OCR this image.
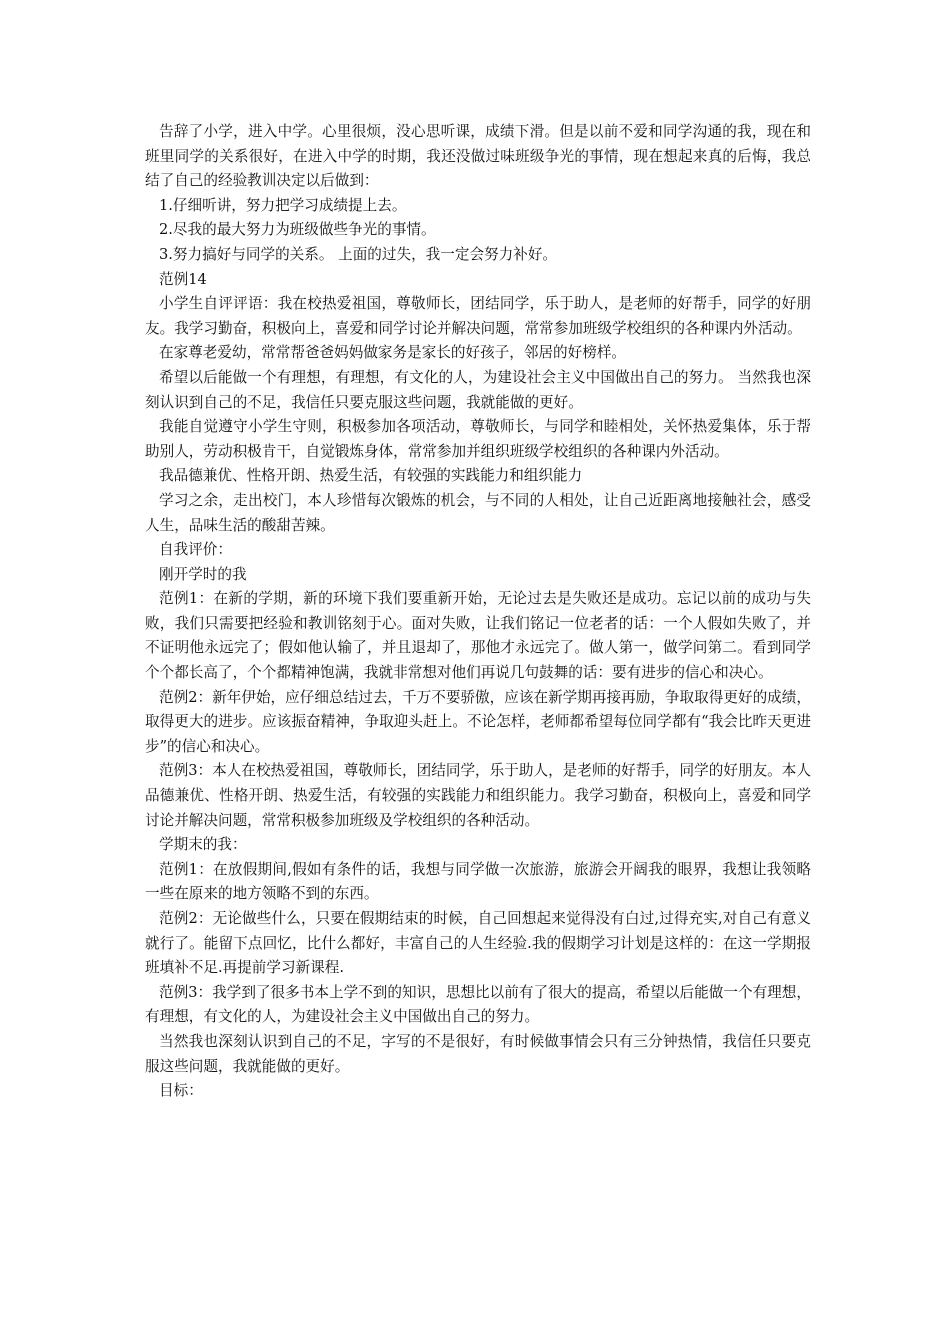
告辞了小学，进入中学。心里很烦，没心思听课，成绩下滑。但是以前不爱和同学沟通的我，现在和班里同学的关系很好，在进入中学的时期，我还没做过味班级争光的事情，现在想起来真的后悔，我总结了自己的经验教训决定以后做到：

1.仔细听讲，努力把学习成绩提上去。

2.尽我的最大努力为班级做些争光的事情。

3.努力搞好与同学的关系。 上面的过失，我一定会努力补好。

范例14

小学生自评评语：我在校热爱祖国，尊敬师长，团结同学，乐于助人，是老师的好帮手，同学的好朋友。我学习勤奋，积极向上，喜爱和同学讨论并解决问题，常常参加班级学校组织的各种课内外活动。

在家尊老爱幼，常常帮爸爸妈妈做家务是家长的好孩子，邻居的好榜样。

希望以后能做一个有理想，有理想，有文化的人，为建设社会主义中国做出自己的努力。 当然我也深刻认识到自己的不足，我信任只要克服这些问题，我就能做的更好。

我能自觉遵守小学生守则，积极参加各项活动，尊敬师长，与同学和睦相处，关怀热爱集体，乐于帮助别人，劳动积极肯干，自觉锻炼身体，常常参加并组织班级学校组织的各种课内外活动。

我品德兼优、性格开朗、热爱生活，有较强的实践能力和组织能力

学习之余，走出校门，本人珍惜每次锻炼的机会，与不同的人相处，让自己近距离地接触社会，感受人生，品味生活的酸甜苦辣。

自我评价：

刚开学时的我

范例1：在新的学期，新的环境下我们要重新开始，无论过去是失败还是成功。忘记以前的成功与失败，我们只需要把经验和教训铭刻于心。面对失败，让我们铭记一位老者的话：一个人假如失败了，并不证明他永远完了；假如他认输了，并且退却了，那他才永远完了。做人第一，做学问第二。看到同学个个都长高了，个个都精神饱满，我就非常想对他们再说几句鼓舞的话：要有进步的信心和决心。

范例2：新年伊始，应仔细总结过去，千万不要骄傲，应该在新学期再接再励，争取取得更好的成绩，取得更大的进步。应该振奋精神，争取迎头赶上。不论怎样，老师都希望每位同学都有“我会比昨天更进步”的信心和决心。

范例3：本人在校热爱祖国，尊敬师长，团结同学，乐于助人，是老师的好帮手，同学的好朋友。本人品德兼优、性格开朗、热爱生活，有较强的实践能力和组织能力。我学习勤奋，积极向上，喜爱和同学讨论并解决问题，常常积极参加班级及学校组织的各种活动。

学期末的我：

范例1：在放假期间,假如有条件的话，我想与同学做一次旅游，旅游会开阔我的眼界，我想让我领略一些在原来的地方领略不到的东西。

范例2：无论做些什么，只要在假期结束的时候，自己回想起来觉得没有白过,过得充实,对自己有意义就行了。能留下点回忆，比什么都好，丰富自己的人生经验.我的假期学习计划是这样的：在这一学期报班填补不足.再提前学习新课程.

范例3：我学到了很多书本上学不到的知识，思想比以前有了很大的提高，希望以后能做一个有理想，有理想，有文化的人，为建设社会主义中国做出自己的努力。

当然我也深刻认识到自己的不足，字写的不是很好，有时候做事情会只有三分钟热情，我信任只要克服这些问题，我就能做的更好。

目标：
